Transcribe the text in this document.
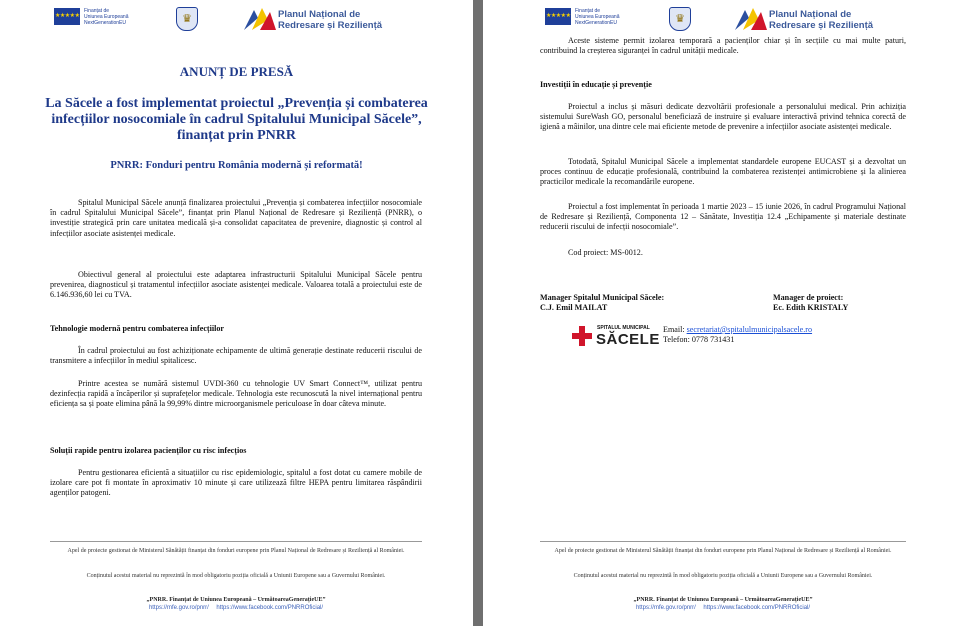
★ ★ ★ ★ ★
Finanțat de
Uniunea Europeană
NextGenerationEU	♛	Planul Național de
Redresare și Reziliență
ANUNȚ DE PRESĂ
La Săcele a fost implementat proiectul „Prevenția și combaterea infecțiilor nosocomiale în cadrul Spitalului Municipal Săcele”, finanțat prin PNRR
PNRR: Fonduri pentru România modernă și reformată!

Spitalul Municipal Săcele anunță finalizarea proiectului „Prevenția și combaterea infecțiilor nosocomiale în cadrul Spitalului Municipal Săcele”, finanțat prin Planul Național de Redresare și Reziliență (PNRR), o investiție strategică prin care unitatea medicală și-a consolidat capacitatea de prevenire, diagnostic și control al infecțiilor asociate asistenței medicale.

Obiectivul general al proiectului este adaptarea infrastructurii Spitalului Municipal Săcele pentru prevenirea, diagnosticul și tratamentul infecțiilor asociate asistenței medicale. Valoarea totală a proiectului este de 6.146.936,60 lei cu TVA.

Tehnologie modernă pentru combaterea infecțiilor

În cadrul proiectului au fost achiziționate echipamente de ultimă generație destinate reducerii riscului de transmitere a infecțiilor în mediul spitalicesc.

Printre acestea se numără sistemul UVDI-360 cu tehnologie UV Smart Connect™, utilizat pentru dezinfecția rapidă a încăperilor și suprafețelor medicale. Tehnologia este recunoscută la nivel internațional pentru eficiența sa și poate elimina până la 99,99% dintre microorganismele periculoase în doar câteva minute.

Soluții rapide pentru izolarea pacienților cu risc infecțios

Pentru gestionarea eficientă a situațiilor cu risc epidemiologic, spitalul a fost dotat cu camere mobile de izolare care pot fi montate în aproximativ 10 minute și care utilizează filtre HEPA pentru limitarea răspândirii agenților patogeni.

Apel de proiecte gestionat de Ministerul Sănătății finanțat din fonduri europene prin Planul Național de Redresare și Reziliență al României.
Conținutul acestui material nu reprezintă în mod obligatoriu poziția oficială a Uniunii Europene sau a Guvernului României.
„PNRR. Finanțat de Uniunea Europeană – UrmătoareaGenerațieUE”
https://mfe.gov.ro/pnrr/ https://www.facebook.com/PNRROficial/
★ ★ ★ ★ ★
Finanțat de
Uniunea Europeană
NextGenerationEU	♛	Planul Național de
Redresare și Reziliență

Aceste sisteme permit izolarea temporară a pacienților chiar și în secțiile cu mai multe paturi, contribuind la creșterea siguranței în cadrul unității medicale.

Investiții în educație și prevenție

Proiectul a inclus și măsuri dedicate dezvoltării profesionale a personalului medical. Prin achiziția sistemului SureWash GO, personalul beneficiază de instruire și evaluare interactivă privind tehnica corectă de igienă a mâinilor, una dintre cele mai eficiente metode de prevenire a infecțiilor asociate asistenței medicale.

Totodată, Spitalul Municipal Săcele a implementat standardele europene EUCAST și a dezvoltat un proces continuu de educație profesională, contribuind la combaterea rezistenței antimicrobiene și la alinierea practicilor medicale la recomandările europene.

Proiectul a fost implementat în perioada 1 martie 2023 – 15 iunie 2026, în cadrul Programului Național de Redresare și Reziliență, Componenta 12 – Sănătate, Investiția 12.4 „Echipamente și materiale destinate reducerii riscului de infecții nosocomiale”.

Cod proiect: MS-0012.

Manager Spitalul Municipal Săcele:
C.J. Emil MAILAT
Manager de proiect:
Ec. Edith KRISTALY
SPITALUL MUNICIPAL
SĂCELE
Email: secretariat@spitalulmunicipalsacele.ro
Telefon: 0778 731431
Apel de proiecte gestionat de Ministerul Sănătății finanțat din fonduri europene prin Planul Național de Redresare și Reziliență al României.
Conținutul acestui material nu reprezintă în mod obligatoriu poziția oficială a Uniunii Europene sau a Guvernului României.
„PNRR. Finanțat de Uniunea Europeană – UrmătoareaGenerațieUE”
https://mfe.gov.ro/pnrr/ https://www.facebook.com/PNRROficial/
